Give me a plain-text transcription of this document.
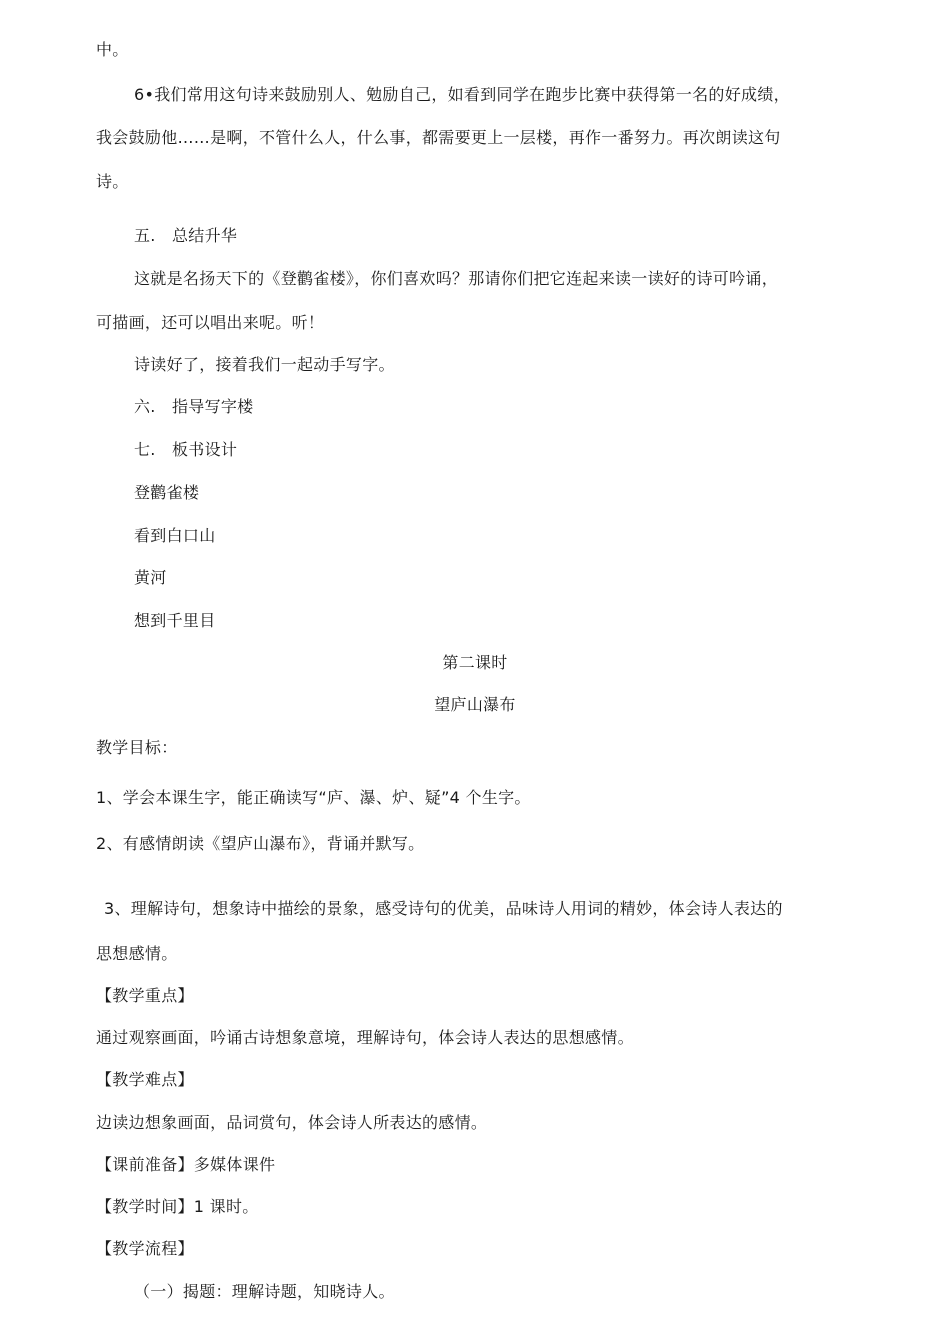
中。
6•我们常用这句诗来鼓励别人、勉励自己，如看到同学在跑步比赛中获得第一名的好成绩，
我会鼓励他……是啊，不管什么人，什么事，都需要更上一层楼，再作一番努力。再次朗读这句
诗。
五.　总结升华
这就是名扬天下的《登鹳雀楼》，你们喜欢吗？那请你们把它连起来读一读好的诗可吟诵，
可描画，还可以唱出来呢。听！
诗读好了，接着我们一起动手写字。
六.　指导写字楼
七.　板书设计
登鹳雀楼
看到白口山
黄河
想到千里目
第二课时
望庐山瀑布
教学目标：
1、学会本课生字，能正确读写“庐、瀑、炉、疑”4 个生字。
2、有感情朗读《望庐山瀑布》，背诵并默写。
3、理解诗句，想象诗中描绘的景象，感受诗句的优美，品味诗人用词的精妙，体会诗人表达的
思想感情。
【教学重点】
通过观察画面，吟诵古诗想象意境，理解诗句，体会诗人表达的思想感情。
【教学难点】
边读边想象画面，品词赏句，体会诗人所表达的感情。
【课前准备】多媒体课件
【教学时间】1 课时。
【教学流程】
（一）揭题：理解诗题，知晓诗人。
